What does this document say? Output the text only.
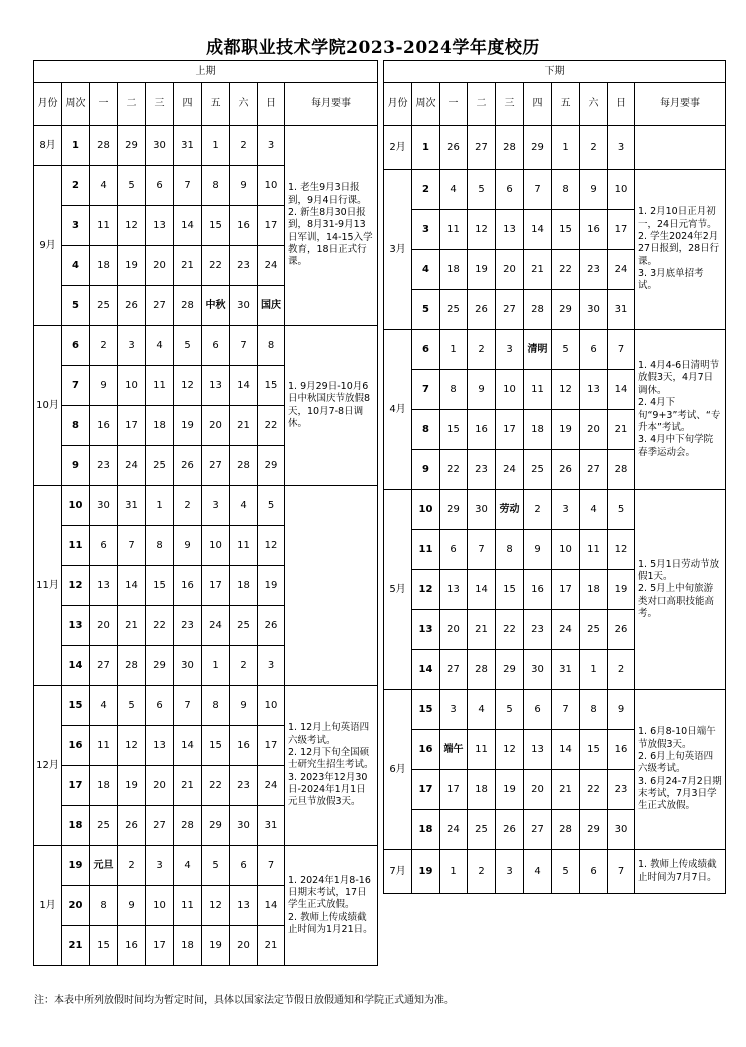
成都职业技术学院2023-2024学年度校历
上期									
月份	周次	一	二	三	四	五	六	日	每月要事
8月	1	28	29	30	31	1	2	3	1. 老生9月3日报到，9月4日行课。
2. 新生8月30日报到，8月31-9月13日军训，14-15入学教育，18日正式行课。
9月	2	4	5	6	7	8	9	10	
	3	11	12	13	14	15	16	17	
	4	18	19	20	21	22	23	24	
	5	25	26	27	28	中秋	30	国庆	
10月	6	2	3	4	5	6	7	8	1. 9月29日-10月6日中秋国庆节放假8天，10月7-8日调休。
	7	9	10	11	12	13	14	15	
	8	16	17	18	19	20	21	22	
	9	23	24	25	26	27	28	29	
11月	10	30	31	1	2	3	4	5	
	11	6	7	8	9	10	11	12	
	12	13	14	15	16	17	18	19	
	13	20	21	22	23	24	25	26	
	14	27	28	29	30	1	2	3	
12月	15	4	5	6	7	8	9	10	1. 12月上旬英语四六级考试。
2. 12月下旬全国硕士研究生招生考试。
3. 2023年12月30日-2024年1月1日元旦节放假3天。
	16	11	12	13	14	15	16	17	
	17	18	19	20	21	22	23	24	
	18	25	26	27	28	29	30	31	
1月	19	元旦	2	3	4	5	6	7	1. 2024年1月8-16日期末考试，17日学生正式放假。
2. 教师上传成绩截止时间为1月21日。
	20	8	9	10	11	12	13	14	
	21	15	16	17	18	19	20	21	
下期									
月份	周次	一	二	三	四	五	六	日	每月要事
2月	1	26	27	28	29	1	2	3	
3月	2	4	5	6	7	8	9	10	1. 2月10日正月初一，24日元宵节。
2. 学生2024年2月27日报到，28日行课。
3. 3月底单招考试。
	3	11	12	13	14	15	16	17	
	4	18	19	20	21	22	23	24	
	5	25	26	27	28	29	30	31	
4月	6	1	2	3	清明	5	6	7	1. 4月4-6日清明节放假3天，4月7日调休。
2. 4月下旬“9+3”考试、“专升本”考试。
3. 4月中下旬学院春季运动会。
	7	8	9	10	11	12	13	14	
	8	15	16	17	18	19	20	21	
	9	22	23	24	25	26	27	28	
5月	10	29	30	劳动	2	3	4	5	1. 5月1日劳动节放假1天。
2. 5月上中旬旅游类对口高职技能高考。
	11	6	7	8	9	10	11	12	
	12	13	14	15	16	17	18	19	
	13	20	21	22	23	24	25	26	
	14	27	28	29	30	31	1	2	
6月	15	3	4	5	6	7	8	9	1. 6月8-10日端午节放假3天。
2. 6月上旬英语四六级考试。
3. 6月24-7月2日期末考试，7月3日学生正式放假。
	16	端午	11	12	13	14	15	16	
	17	17	18	19	20	21	22	23	
	18	24	25	26	27	28	29	30	
7月	19	1	2	3	4	5	6	7	1. 教师上传成绩截止时间为7月7日。
注：本表中所列放假时间均为暂定时间，具体以国家法定节假日放假通知和学院正式通知为准。
